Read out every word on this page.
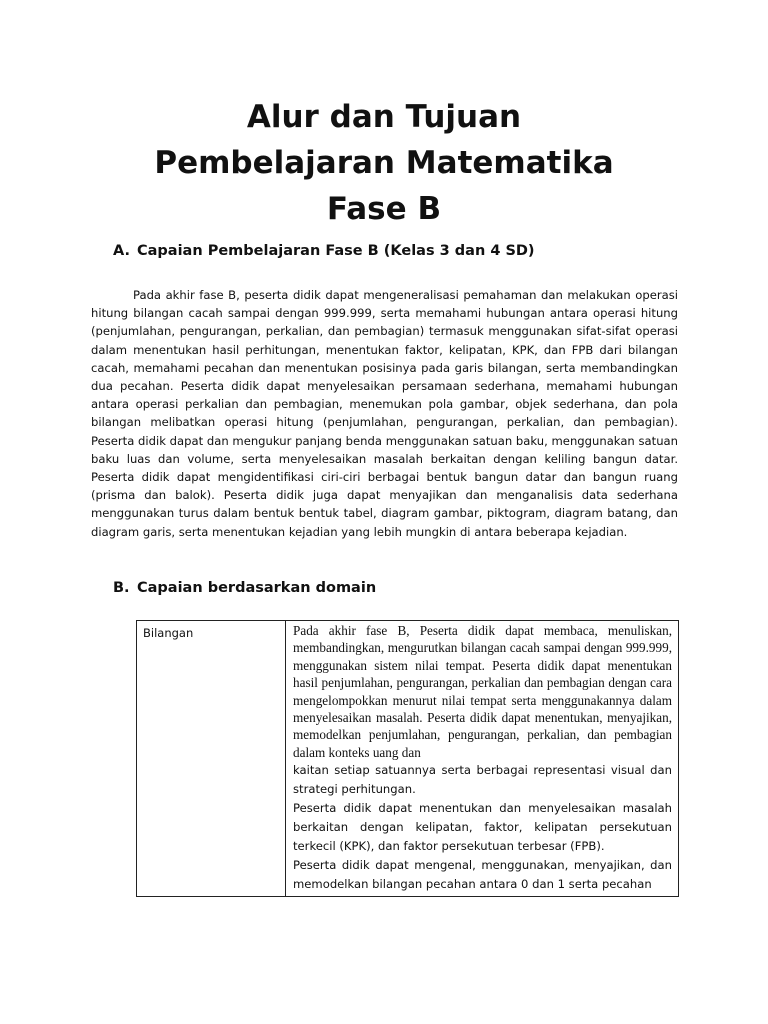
Alur dan Tujuan
Pembelajaran Matematika
Fase B
A. Capaian Pembelajaran Fase B (Kelas 3 dan 4 SD)

Pada akhir fase B, peserta didik dapat mengeneralisasi pemahaman dan melakukan operasi hitung bilangan cacah sampai dengan 999.999, serta memahami hubungan antara operasi hitung (penjumlahan, pengurangan, perkalian, dan pembagian) termasuk menggunakan sifat-sifat operasi dalam menentukan hasil perhitungan, menentukan faktor, kelipatan, KPK, dan FPB dari bilangan cacah, memahami pecahan dan menentukan posisinya pada garis bilangan, serta membandingkan dua pecahan. Peserta didik dapat menyelesaikan persamaan sederhana, memahami hubungan antara operasi perkalian dan pembagian, menemukan pola gambar, objek sederhana, dan pola bilangan melibatkan operasi hitung (penjumlahan, pengurangan, perkalian, dan pembagian). Peserta didik dapat dan mengukur panjang benda menggunakan satuan baku, menggunakan satuan baku luas dan volume, serta menyelesaikan masalah berkaitan dengan keliling bangun datar. Peserta didik dapat mengidentifikasi ciri-ciri berbagai bentuk bangun datar dan bangun ruang (prisma dan balok). Peserta didik juga dapat menyajikan dan menganalisis data sederhana menggunakan turus dalam bentuk bentuk tabel, diagram gambar, piktogram, diagram batang, dan diagram garis, serta menentukan kejadian yang lebih mungkin di antara beberapa kejadian.

B. Capaian berdasarkan domain
Bilangan	Pada akhir fase B, Peserta didik dapat membaca, menuliskan, membandingkan, mengurutkan bilangan cacah sampai dengan 999.999, menggunakan sistem nilai tempat. Peserta didik dapat menentukan hasil penjumlahan, pengurangan, perkalian dan pembagian dengan cara mengelompokkan menurut nilai tempat serta menggunakannya dalam menyelesaikan masalah. Peserta didik dapat menentukan, menyajikan, memodelkan penjumlahan, pengurangan, perkalian, dan pembagian dalam konteks uang dan

kaitan setiap satuannya serta berbagai representasi visual dan strategi perhitungan.

Peserta didik dapat menentukan dan menyelesaikan masalah berkaitan dengan kelipatan, faktor, kelipatan persekutuan terkecil (KPK), dan faktor persekutuan terbesar (FPB).

Peserta didik dapat mengenal, menggunakan, menyajikan, dan memodelkan bilangan pecahan antara 0 dan 1 serta pecahan
